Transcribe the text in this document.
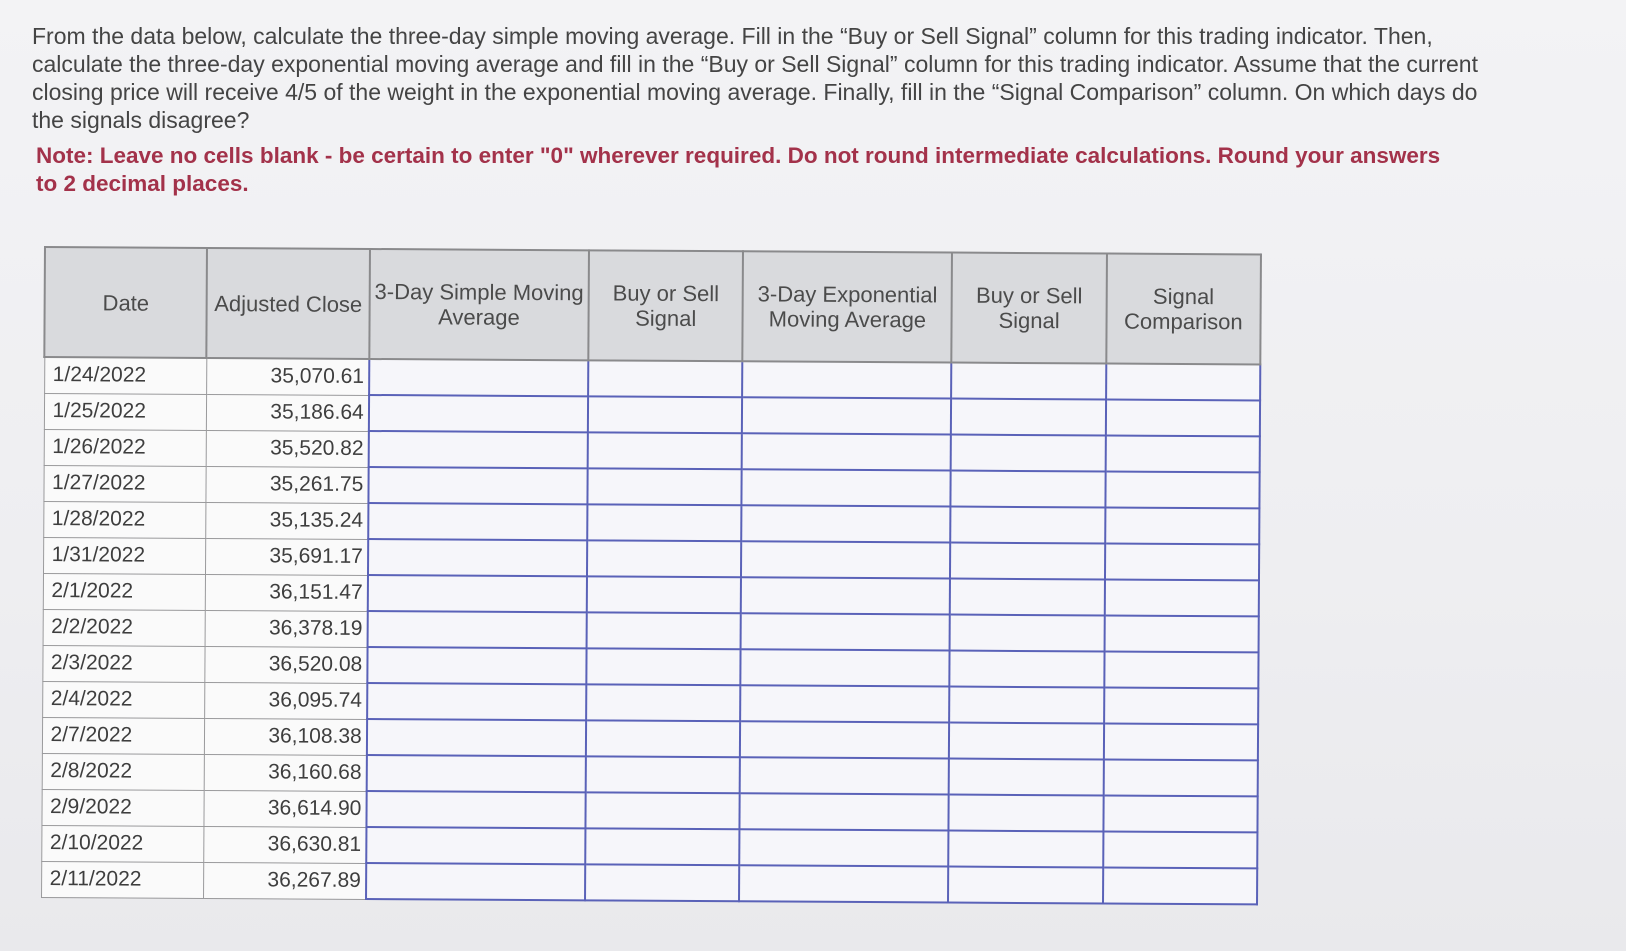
From the data below, calculate the three-day simple moving average. Fill in the “Buy or Sell Signal” column for this trading indicator. Then, calculate the three-day exponential moving average and fill in the “Buy or Sell Signal” column for this trading indicator. Assume that the current closing price will receive 4/5 of the weight in the exponential moving average. Finally, fill in the “Signal Comparison” column. On which days do the signals disagree?
Note: Leave no cells blank - be certain to enter "0" wherever required. Do not round intermediate calculations. Round your answers to 2 decimal places.
Date	Adjusted Close	3-Day Simple Moving Average	Buy or Sell Signal	3-Day Exponential Moving Average	Buy or Sell Signal	Signal Comparison
1/24/2022	35,070.61					
1/25/2022	35,186.64					
1/26/2022	35,520.82					
1/27/2022	35,261.75					
1/28/2022	35,135.24					
1/31/2022	35,691.17					
2/1/2022	36,151.47					
2/2/2022	36,378.19					
2/3/2022	36,520.08					
2/4/2022	36,095.74					
2/7/2022	36,108.38					
2/8/2022	36,160.68					
2/9/2022	36,614.90					
2/10/2022	36,630.81					
2/11/2022	36,267.89					
